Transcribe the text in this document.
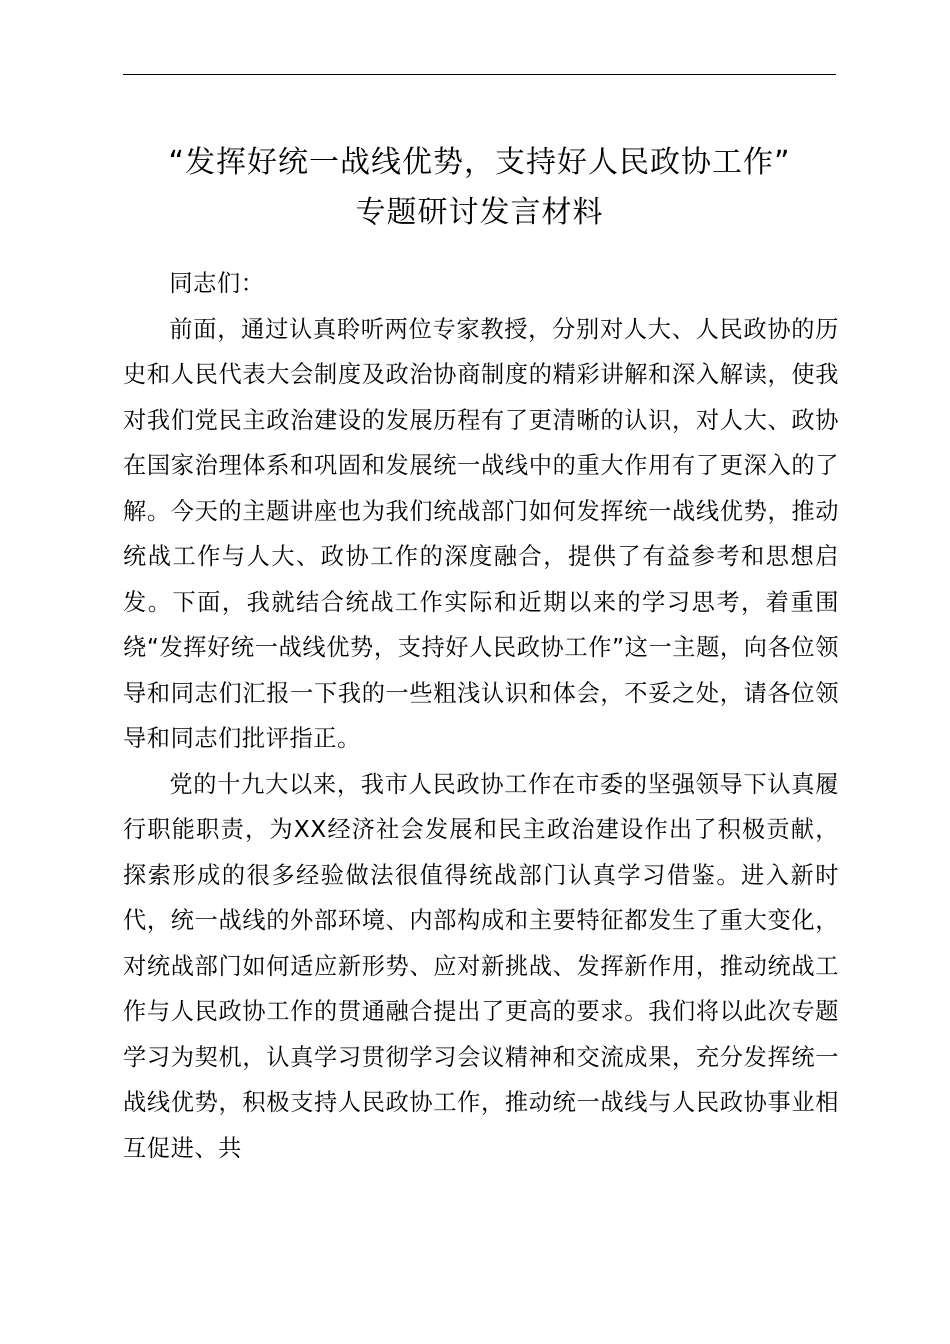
“发挥好统一战线优势，支持好人民政协工作”
专题研讨发言材料

同志们：

前面，通过认真聆听两位专家教授，分别对人大、人民政协的历史和人民代表大会制度及政治协商制度的精彩讲解和深入解读，使我对我们党民主政治建设的发展历程有了更清晰的认识，对人大、政协在国家治理体系和巩固和发展统一战线中的重大作用有了更深入的了解。今天的主题讲座也为我们统战部门如何发挥统一战线优势，推动统战工作与人大、政协工作的深度融合，提供了有益参考和思想启发。下面，我就结合统战工作实际和近期以来的学习思考，着重围绕“发挥好统一战线优势，支持好人民政协工作”这一主题，向各位领导和同志们汇报一下我的一些粗浅认识和体会，不妥之处，请各位领导和同志们批评指正。

党的十九大以来，我市人民政协工作在市委的坚强领导下认真履行职能职责，为XX经济社会发展和民主政治建设作出了积极贡献，探索形成的很多经验做法很值得统战部门认真学习借鉴。进入新时代，统一战线的外部环境、内部构成和主要特征都发生了重大变化，对统战部门如何适应新形势、应对新挑战、发挥新作用，推动统战工作与人民政协工作的贯通融合提出了更高的要求。我们将以此次专题学习为契机，认真学习贯彻学习会议精神和交流成果，充分发挥统一战线优势，积极支持人民政协工作，推动统一战线与人民政协事业相互促进、共
